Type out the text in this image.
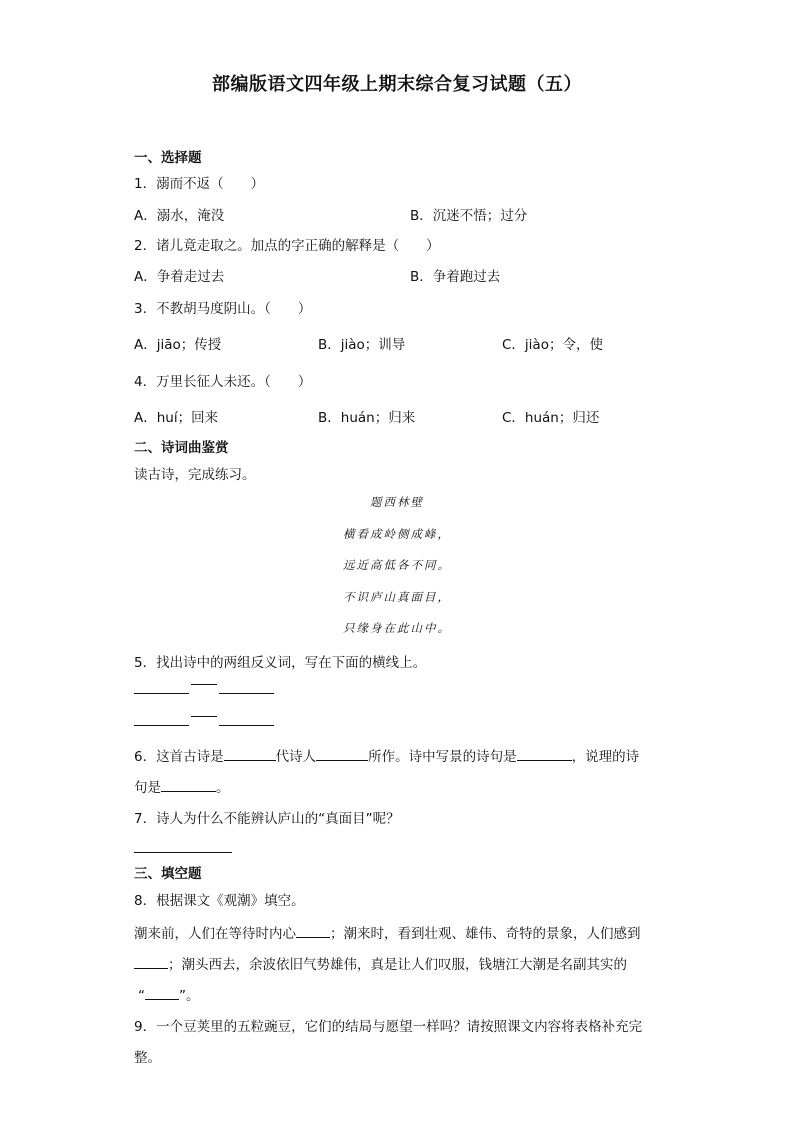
部编版语文四年级上期末综合复习试题（五）
一、选择题
1．溺而不返（　　）
A．溺水，淹没	B．沉迷不悟；过分
2．诸儿竟走取之。加点的字正确的解释是（　　）
A．争着走过去	B．争着跑过去
3．不教胡马度阴山。（　　）
A．jiāo；传授	B．jiào；训导	C．jiào；令，使
4．万里长征人未还。（　　）
A．huí；回来	B．huán；归来	C．huán；归还
二、诗词曲鉴赏
读古诗，完成练习。
题西林壁
横看成岭侧成峰，
远近高低各不同。
不识庐山真面目，
只缘身在此山中。
5．找出诗中的两组反义词，写在下面的横线上。
6．这首古诗是	代诗人	所作。诗中写景的诗句是	，说理的诗
句是	。
7．诗人为什么不能辨认庐山的“真面目”呢？
三、填空题
8．根据课文《观潮》填空。
潮来前，人们在等待时内心	；潮来时，看到壮观、雄伟、奇特的景象，人们感到
；潮头西去，余波依旧气势雄伟，真是让人们叹服，钱塘江大潮是名副其实的
“	”。
9．一个豆荚里的五粒豌豆，它们的结局与愿望一样吗？请按照课文内容将表格补充完
整。
